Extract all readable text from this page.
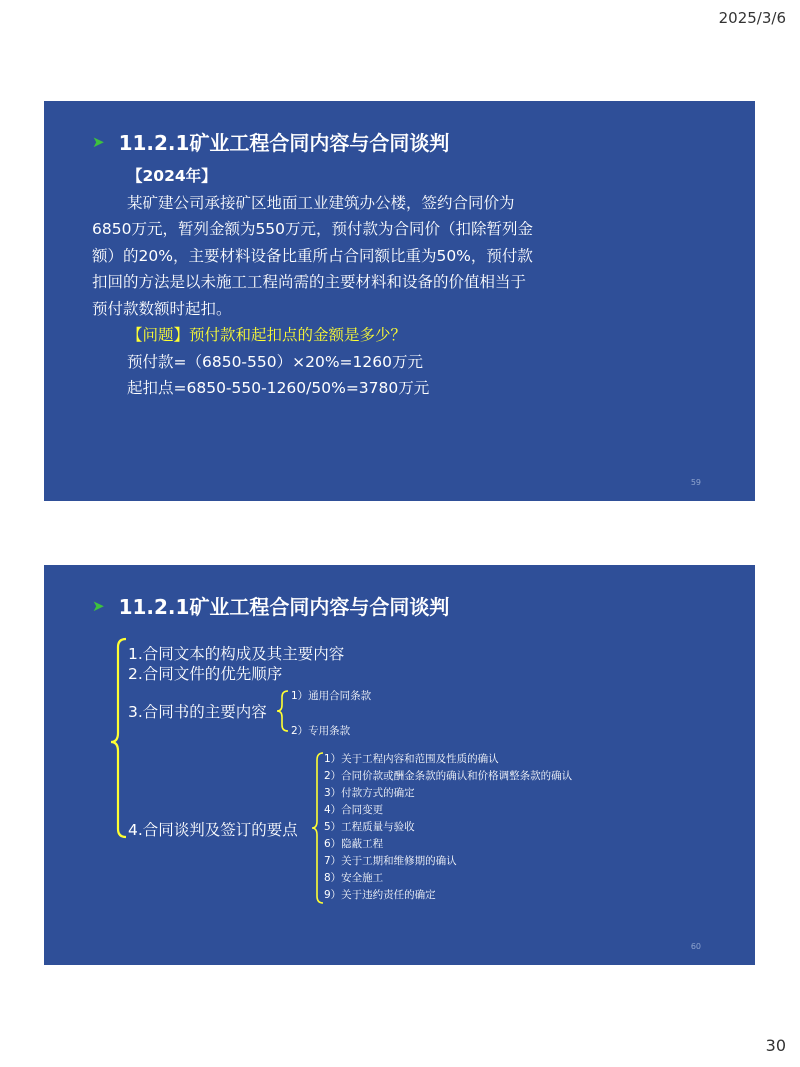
2025/3/6
➤ 11.2.1矿业工程合同内容与合同谈判
【2024年】
某矿建公司承接矿区地面工业建筑办公楼，签约合同价为
6850万元，暂列金额为550万元，预付款为合同价（扣除暂列金
额）的20%，主要材料设备比重所占合同额比重为50%，预付款
扣回的方法是以未施工工程尚需的主要材料和设备的价值相当于
预付款数额时起扣。
【问题】预付款和起扣点的金额是多少？
预付款=（6850-550）×20%=1260万元
起扣点=6850-550-1260/50%=3780万元
59
➤ 11.2.1矿业工程合同内容与合同谈判
1.合同文本的构成及其主要内容
2.合同文件的优先顺序
3.合同书的主要内容
4.合同谈判及签订的要点
1）通用合同条款
2）专用条款
1）关于工程内容和范围及性质的确认
2）合同价款或酬金条款的确认和价格调整条款的确认
3）付款方式的确定
4）合同变更
5）工程质量与验收
6）隐蔽工程
7）关于工期和维修期的确认
8）安全施工
9）关于违约责任的确定
60
30
